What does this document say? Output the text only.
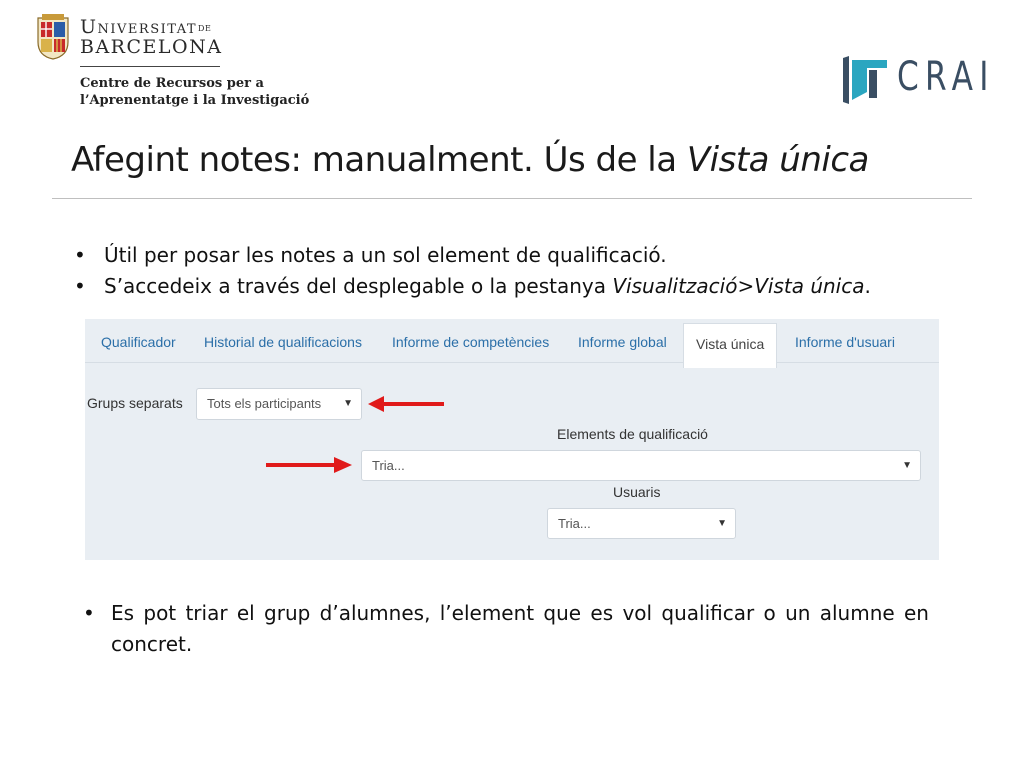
UniversitatDE
BARCELONA
Centre de Recursos per a
l’Aprenentatge i la Investigació
CRAI
Afegint notes: manualment. Ús de la Vista única
• Útil per posar les notes a un sol element de qualificació.
• S’accedeix a través del desplegable o la pestanya Visualització>Vista única.
Qualificador Historial de qualificacions Informe de competències Informe global	Vista única	Informe d'usuari
Grups separats Tots els participants ▼
Elements de qualificació
Tria...	▼
Usuaris
Tria...	▼
• Es pot triar el grup d’alumnes, l’element que es vol qualificar o un alumne en concret.
